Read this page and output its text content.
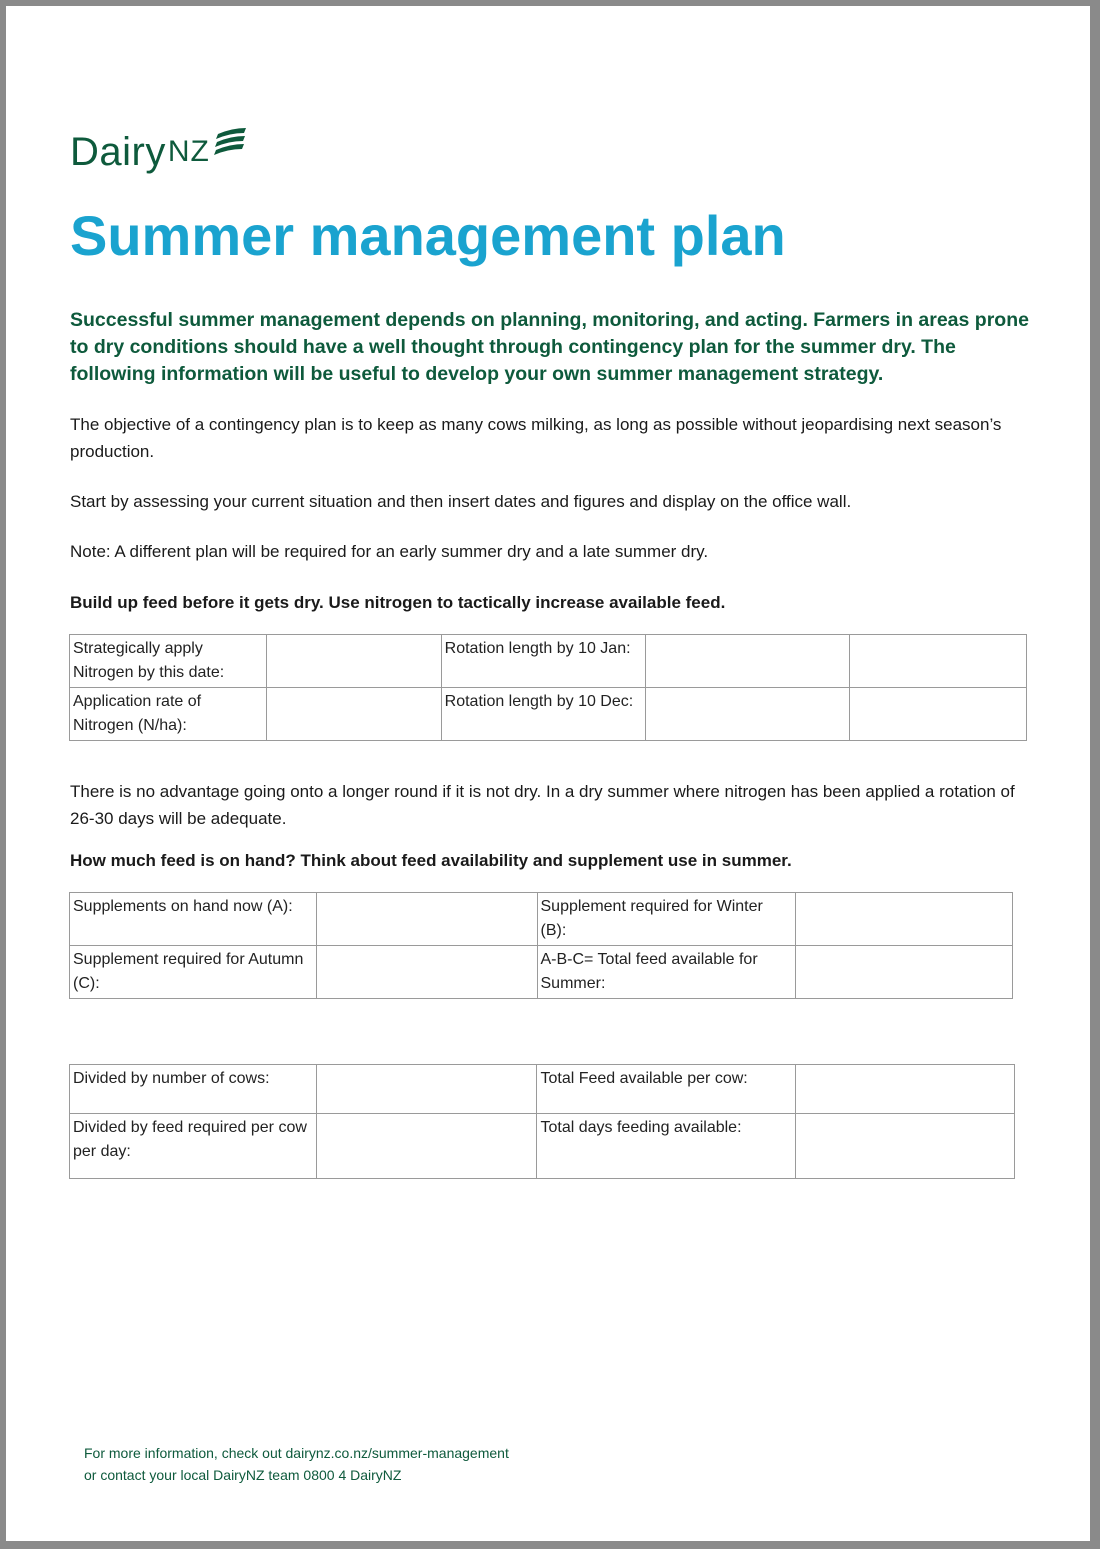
Dairy NZ
Summer management plan

Successful summer management depends on planning, monitoring, and acting. Farmers in areas prone to dry conditions should have a well thought through contingency plan for the summer dry. The following information will be useful to develop your own summer management strategy.

The objective of a contingency plan is to keep as many cows milking, as long as possible without jeopardising next season’s production.

Start by assessing your current situation and then insert dates and figures and display on the office wall.

Note: A different plan will be required for an early summer dry and a late summer dry.

Build up feed before it gets dry. Use nitrogen to tactically increase available feed.

Strategically apply Nitrogen by this date:		Rotation length by 10 Jan:		
Application rate of Nitrogen (N/ha):		Rotation length by 10 Dec:		

There is no advantage going onto a longer round if it is not dry. In a dry summer where nitrogen has been applied a rotation of 26-30 days will be adequate.

How much feed is on hand? Think about feed availability and supplement use in summer.

Supplements on hand now (A):		Supplement required for Winter (B):	
Supplement required for Autumn (C):		A-B-C= Total feed available for Summer:	
Divided by number of cows:		Total Feed available per cow:	
Divided by feed required per cow per day:		Total days feeding available:	

For more information, check out dairynz.co.nz/summer-management
or contact your local DairyNZ team 0800 4 DairyNZ
